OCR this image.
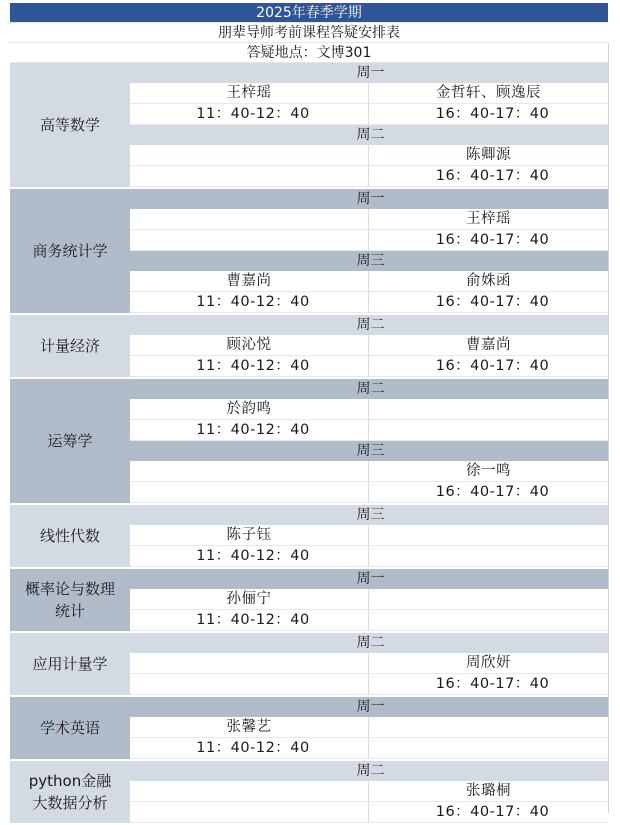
2025年春季学期
朋辈导师考前课程答疑安排表
答疑地点：文博301
高等数学
周一
王梓瑶
11：40-12：40
金哲轩、顾逸辰
16：40-17：40
周二
陈卿源
16：40-17：40
商务统计学
周一
王梓瑶
16：40-17：40
周三
曹嘉尚
11：40-12：40
俞姝函
16：40-17：40
计量经济
周二
顾沁悦
11：40-12：40
曹嘉尚
16：40-17：40
运筹学
周二
於韵鸣
11：40-12：40
周三
徐一鸣
16：40-17：40
线性代数
周三
陈子钰
11：40-12：40
概率论与数理
统计
周一
孙俪宁
11：40-12：40
应用计量学
周二
周欣妍
16：40-17：40
学术英语
周一
张馨艺
11：40-12：40
python金融
大数据分析
周二
张璐桐
16：40-17：40
